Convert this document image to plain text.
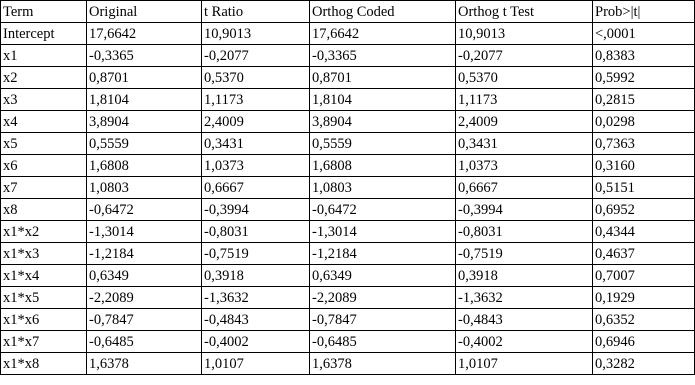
Term	Original	t Ratio	Orthog Coded	Orthog t Test	Prob>|t|
Intercept	17,6642	10,9013	17,6642	10,9013	<,0001
x1	-0,3365	-0,2077	-0,3365	-0,2077	0,8383
x2	0,8701	0,5370	0,8701	0,5370	0,5992
x3	1,8104	1,1173	1,8104	1,1173	0,2815
x4	3,8904	2,4009	3,8904	2,4009	0,0298
x5	0,5559	0,3431	0,5559	0,3431	0,7363
x6	1,6808	1,0373	1,6808	1,0373	0,3160
x7	1,0803	0,6667	1,0803	0,6667	0,5151
x8	-0,6472	-0,3994	-0,6472	-0,3994	0,6952
x1*x2	-1,3014	-0,8031	-1,3014	-0,8031	0,4344
x1*x3	-1,2184	-0,7519	-1,2184	-0,7519	0,4637
x1*x4	0,6349	0,3918	0,6349	0,3918	0,7007
x1*x5	-2,2089	-1,3632	-2,2089	-1,3632	0,1929
x1*x6	-0,7847	-0,4843	-0,7847	-0,4843	0,6352
x1*x7	-0,6485	-0,4002	-0,6485	-0,4002	0,6946
x1*x8	1,6378	1,0107	1,6378	1,0107	0,3282
